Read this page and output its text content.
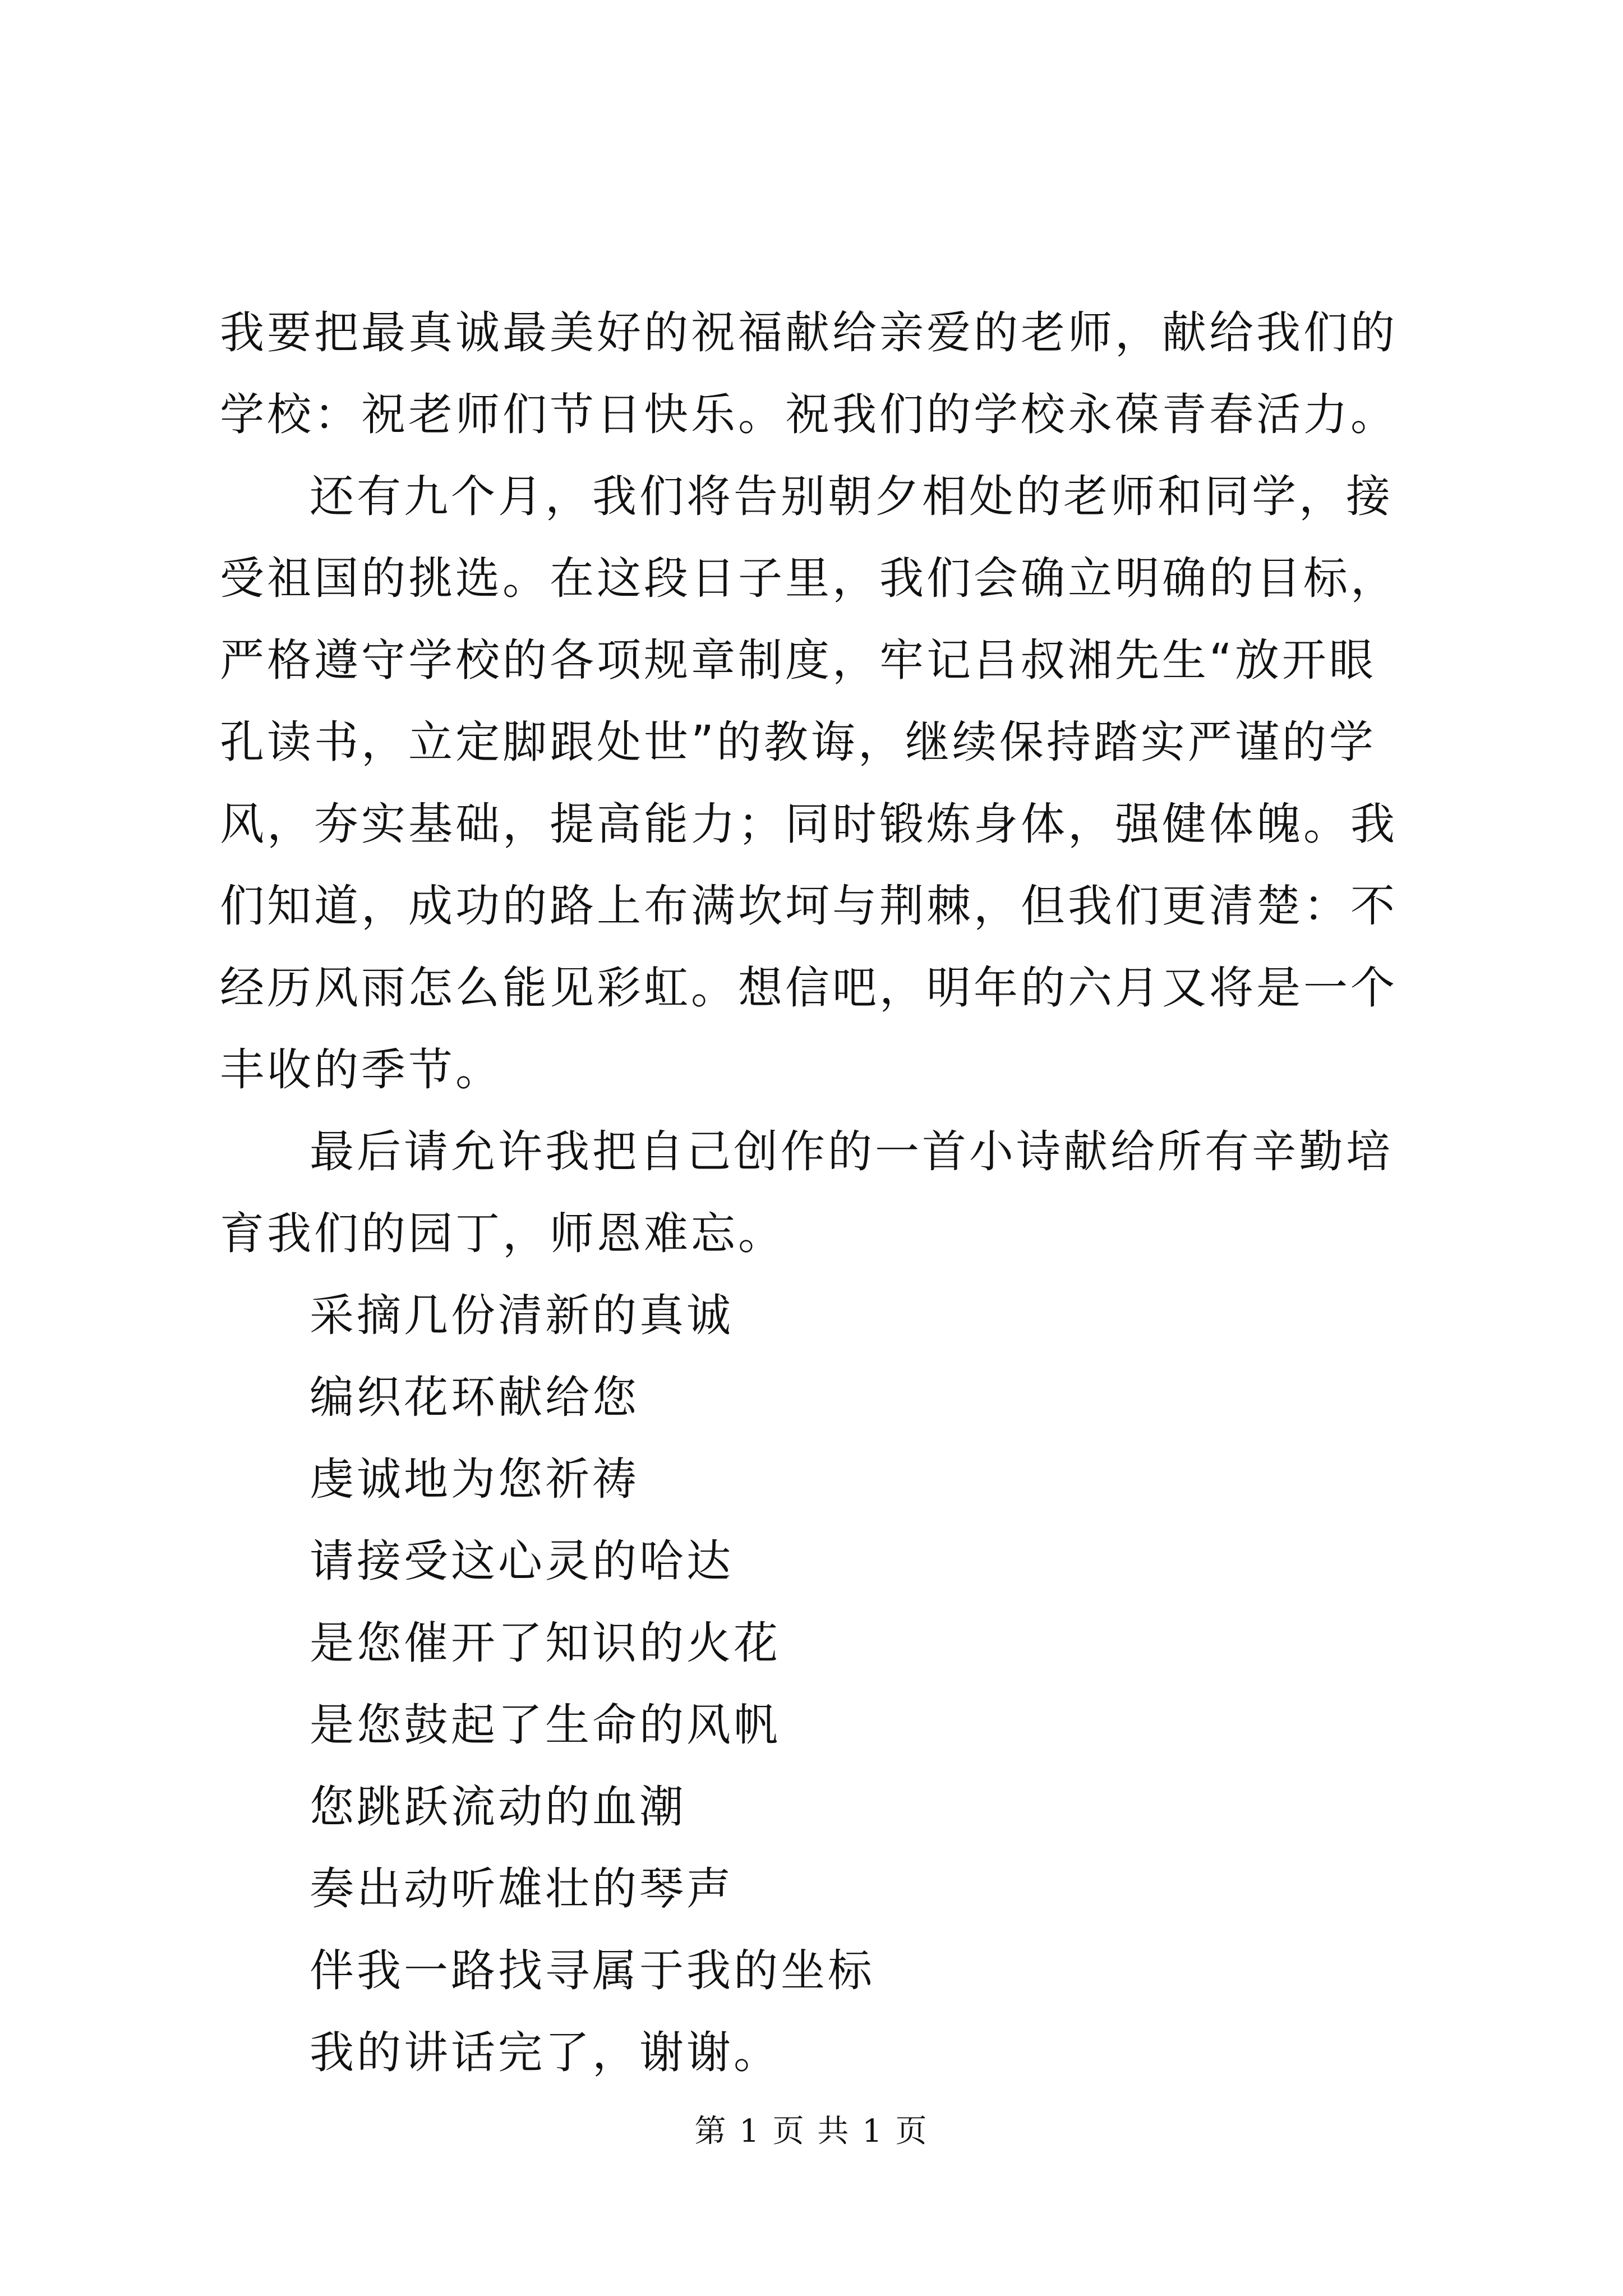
我要把最真诚最美好的祝福献给亲爱的老师，献给我们的学校：祝老师们节日快乐。祝我们的学校永葆青春活力。

还有九个月，我们将告别朝夕相处的老师和同学，接受祖国的挑选。在这段日子里，我们会确立明确的目标，严格遵守学校的各项规章制度，牢记吕叔湘先生“放开眼孔读书，立定脚跟处世”的教诲，继续保持踏实严谨的学风，夯实基础，提高能力；同时锻炼身体，强健体魄。我们知道，成功的路上布满坎坷与荆棘，但我们更清楚：不经历风雨怎么能见彩虹。想信吧，明年的六月又将是一个丰收的季节。

最后请允许我把自己创作的一首小诗献给所有辛勤培育我们的园丁，师恩难忘。

采摘几份清新的真诚
编织花环献给您
虔诚地为您祈祷
请接受这心灵的哈达
是您催开了知识的火花
是您鼓起了生命的风帆
您跳跃流动的血潮
奏出动听雄壮的琴声
伴我一路找寻属于我的坐标

我的讲话完了，谢谢。

第 1 页 共 1 页
